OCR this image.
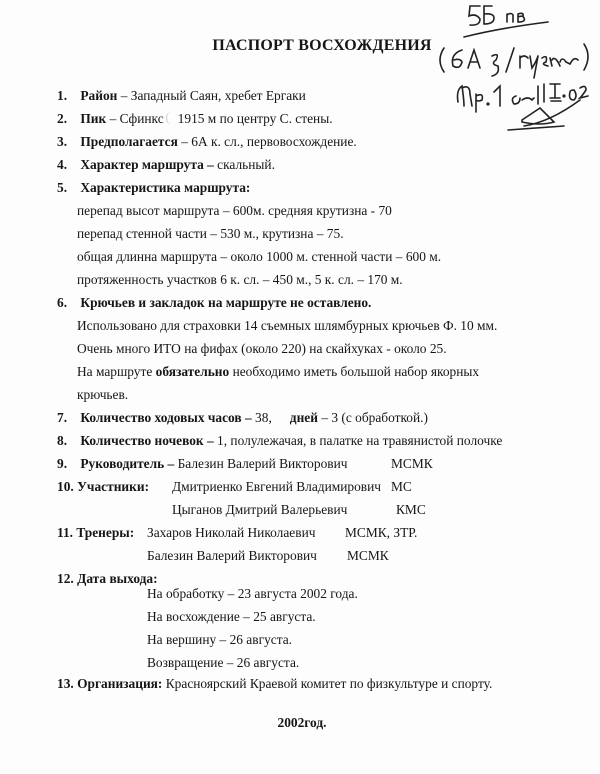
ПАСПОРТ ВОСХОЖДЕНИЯ
1. Район – Западный Саян, хребет Ергаки
2. Пик – Сфинкс 1915 м по центру С. стены.
3. Предполагается – 6А к. сл., первовосхождение.
4. Характер маршрута – скальный.
5. Характеристика маршрута:
перепад высот маршрута – 600м. средняя крутизна - 70
перепад стенной части – 530 м., крутизна – 75.
общая длинна маршрута – около 1000 м. стенной части – 600 м.
протяженность участков 6 к. сл. – 450 м., 5 к. сл. – 170 м.
6. Крючьев и закладок на маршруте не оставлено.
Использовано для страховки 14 съемных шлямбурных крючьев Ф. 10 мм.
Очень много ИТО на фифах (около 220) на скайхуках - около 25.
На маршруте обязательно необходимо иметь большой набор якорных
крючьев.
7. Количество ходовых часов – 38, дней – 3 (с обработкой.)
8. Количество ночевок – 1, полулежачая, в палатке на травянистой полочке
9. Руководитель – Балезин Валерий Викторович	МСМК
10. Участники: Дмитриенко Евгений Владимирович МС
Цыганов Дмитрий Валерьевич	КМС
11. Тренеры: Захаров Николай Николаевич МСМК, ЗТР.
Балезин Валерий Викторович МСМК
12. Дата выхода:
На обработку – 23 августа 2002 года.
На восхождение – 25 августа.
На вершину – 26 августа.
Возвращение – 26 августа.
13. Организация: Красноярский Краевой комитет по физкультуре и спорту.
2002год.
